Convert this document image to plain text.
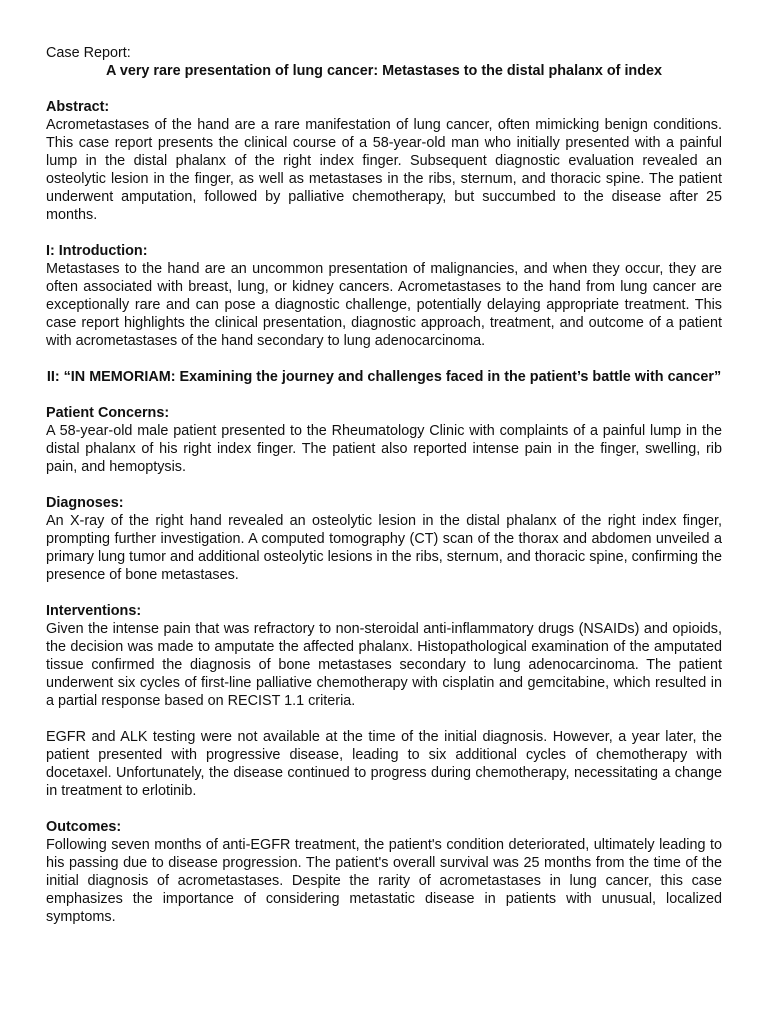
Case Report:

A very rare presentation of lung cancer: Metastases to the distal phalanx of index

Abstract:

Acrometastases of the hand are a rare manifestation of lung cancer, often mimicking benign conditions. This case report presents the clinical course of a 58-year-old man who initially presented with a painful lump in the distal phalanx of the right index finger. Subsequent diagnostic evaluation revealed an osteolytic lesion in the finger, as well as metastases in the ribs, sternum, and thoracic spine. The patient underwent amputation, followed by palliative chemotherapy, but succumbed to the disease after 25 months.

I: Introduction:

Metastases to the hand are an uncommon presentation of malignancies, and when they occur, they are often associated with breast, lung, or kidney cancers. Acrometastases to the hand from lung cancer are exceptionally rare and can pose a diagnostic challenge, potentially delaying appropriate treatment. This case report highlights the clinical presentation, diagnostic approach, treatment, and outcome of a patient with acrometastases of the hand secondary to lung adenocarcinoma.

II: “IN MEMORIAM: Examining the journey and challenges faced in the patient’s battle with cancer”

Patient Concerns:

A 58-year-old male patient presented to the Rheumatology Clinic with complaints of a painful lump in the distal phalanx of his right index finger. The patient also reported intense pain in the finger, swelling, rib pain, and hemoptysis.

Diagnoses:

An X-ray of the right hand revealed an osteolytic lesion in the distal phalanx of the right index finger, prompting further investigation. A computed tomography (CT) scan of the thorax and abdomen unveiled a primary lung tumor and additional osteolytic lesions in the ribs, sternum, and thoracic spine, confirming the presence of bone metastases.

Interventions:

Given the intense pain that was refractory to non-steroidal anti-inflammatory drugs (NSAIDs) and opioids, the decision was made to amputate the affected phalanx. Histopathological examination of the amputated tissue confirmed the diagnosis of bone metastases secondary to lung adenocarcinoma. The patient underwent six cycles of first-line palliative chemotherapy with cisplatin and gemcitabine, which resulted in a partial response based on RECIST 1.1 criteria.

EGFR and ALK testing were not available at the time of the initial diagnosis. However, a year later, the patient presented with progressive disease, leading to six additional cycles of chemotherapy with docetaxel. Unfortunately, the disease continued to progress during chemotherapy, necessitating a change in treatment to erlotinib.

Outcomes:

Following seven months of anti-EGFR treatment, the patient's condition deteriorated, ultimately leading to his passing due to disease progression. The patient's overall survival was 25 months from the time of the initial diagnosis of acrometastases. Despite the rarity of acrometastases in lung cancer, this case emphasizes the importance of considering metastatic disease in patients with unusual, localized symptoms.
